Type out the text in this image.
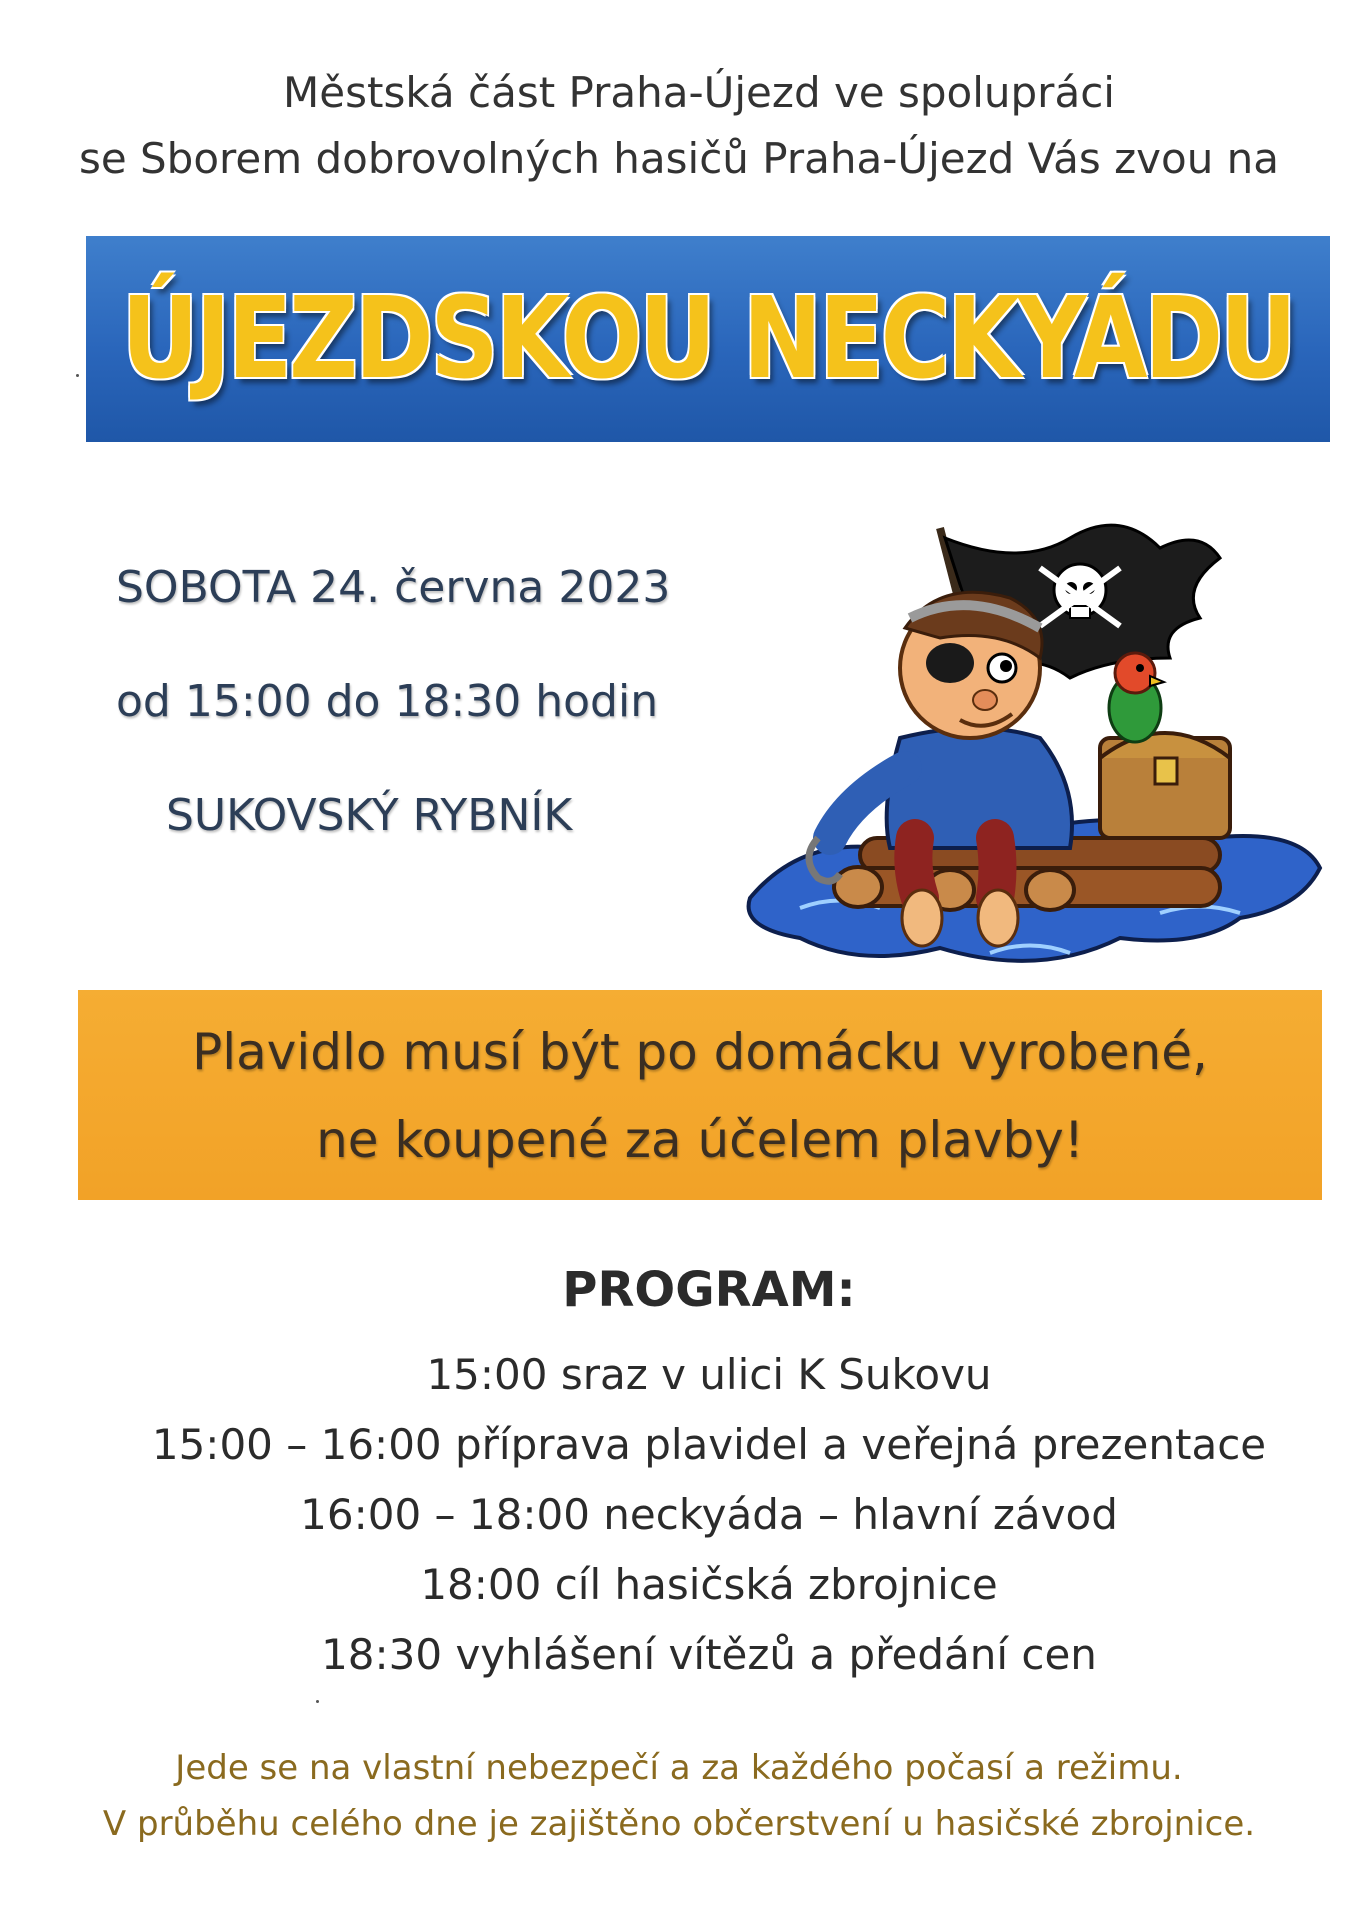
Městská část Praha-Újezd ve spolupráci
se Sborem dobrovolných hasičů Praha-Újezd Vás zvou na
ÚJEZDSKOU NECKYÁDU
SOBOTA 24. června 2023
od 15:00 do 18:30 hodin
SUKOVSKÝ RYBNÍK
Plavidlo musí být po domácku vyrobené,
ne koupené za účelem plavby!
PROGRAM:
15:00 sraz v ulici K Sukovu
15:00 – 16:00 příprava plavidel a veřejná prezentace
16:00 – 18:00 neckyáda – hlavní závod
18:00 cíl hasičská zbrojnice
18:30 vyhlášení vítězů a předání cen
Jede se na vlastní nebezpečí a za každého počasí a režimu.
V průběhu celého dne je zajištěno občerstvení u hasičské zbrojnice.
